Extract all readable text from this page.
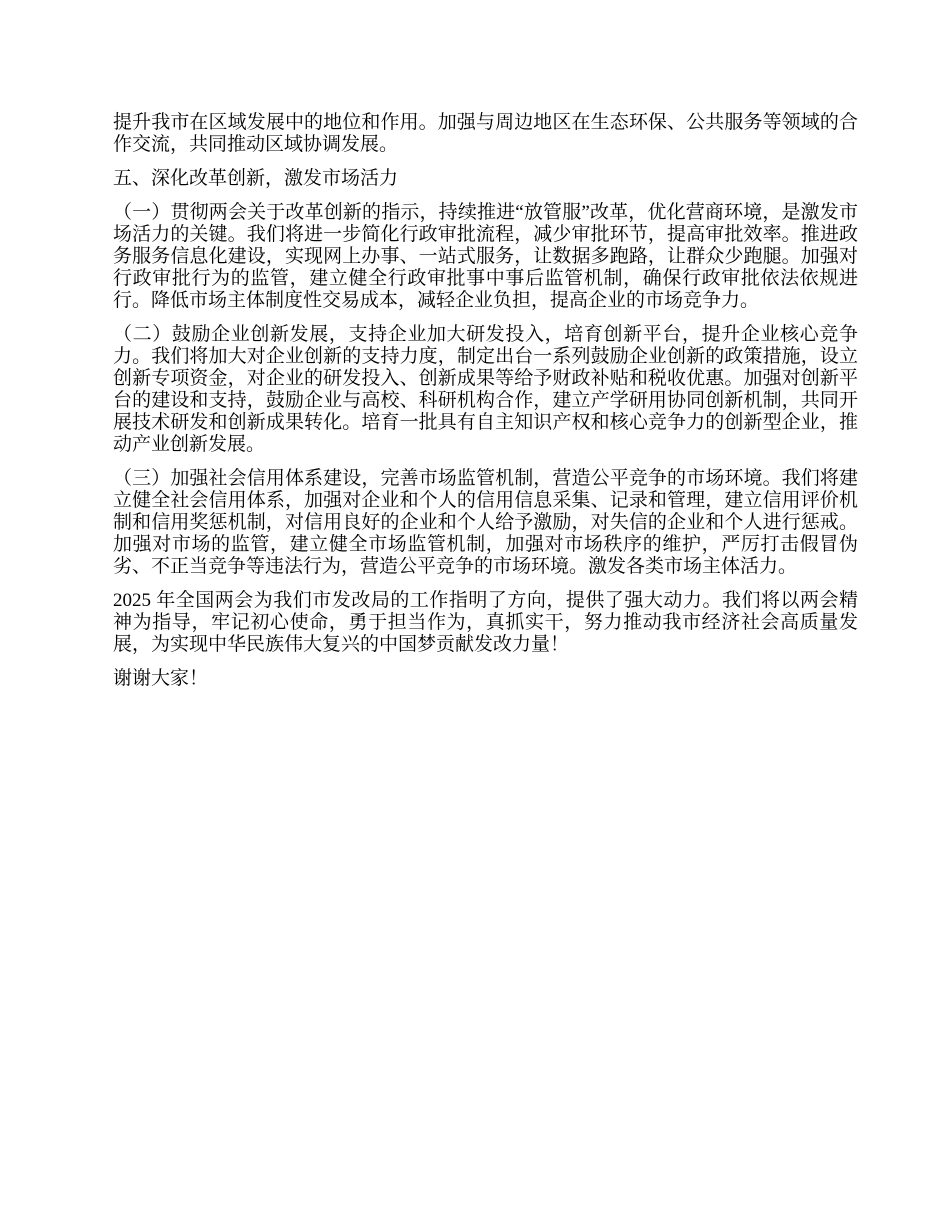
提升我市在区域发展中的地位和作用。加强与周边地区在生态环保、公共服务等领域的合作交流，共同推动区域协调发展。

五、深化改革创新，激发市场活力

（一）贯彻两会关于改革创新的指示，持续推进“放管服”改革，优化营商环境，是激发市场活力的关键。我们将进一步简化行政审批流程，减少审批环节，提高审批效率。推进政务服务信息化建设，实现网上办事、一站式服务，让数据多跑路，让群众少跑腿。加强对行政审批行为的监管，建立健全行政审批事中事后监管机制，确保行政审批依法依规进行。降低市场主体制度性交易成本，减轻企业负担，提高企业的市场竞争力。

（二）鼓励企业创新发展，支持企业加大研发投入，培育创新平台，提升企业核心竞争力。我们将加大对企业创新的支持力度，制定出台一系列鼓励企业创新的政策措施，设立创新专项资金，对企业的研发投入、创新成果等给予财政补贴和税收优惠。加强对创新平台的建设和支持，鼓励企业与高校、科研机构合作，建立产学研用协同创新机制，共同开展技术研发和创新成果转化。培育一批具有自主知识产权和核心竞争力的创新型企业，推动产业创新发展。

（三）加强社会信用体系建设，完善市场监管机制，营造公平竞争的市场环境。我们将建立健全社会信用体系，加强对企业和个人的信用信息采集、记录和管理，建立信用评价机制和信用奖惩机制，对信用良好的企业和个人给予激励，对失信的企业和个人进行惩戒。加强对市场的监管，建立健全市场监管机制，加强对市场秩序的维护，严厉打击假冒伪劣、不正当竞争等违法行为，营造公平竞争的市场环境。激发各类市场主体活力。

2025 年全国两会为我们市发改局的工作指明了方向，提供了强大动力。我们将以两会精神为指导，牢记初心使命，勇于担当作为，真抓实干，努力推动我市经济社会高质量发展，为实现中华民族伟大复兴的中国梦贡献发改力量！

谢谢大家！
